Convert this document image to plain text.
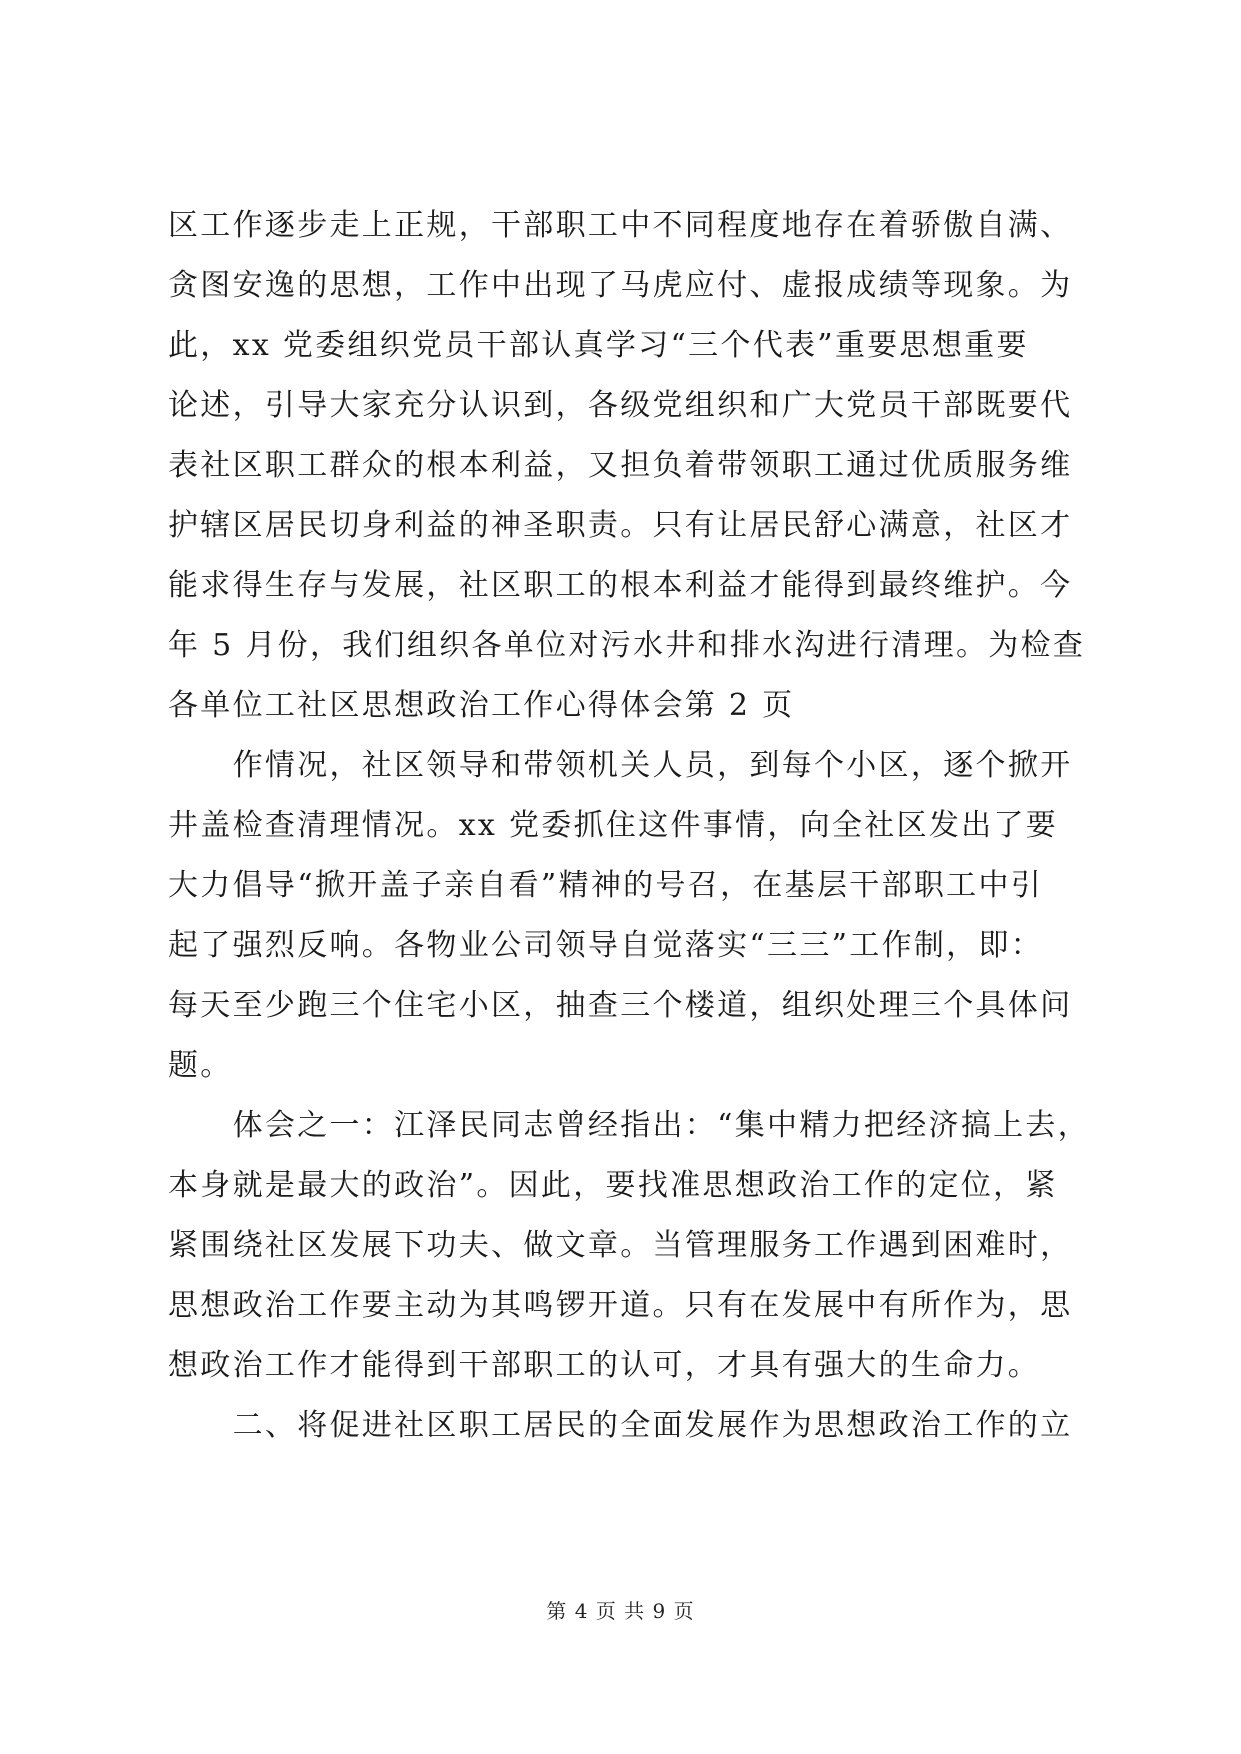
区工作逐步走上正规，干部职工中不同程度地存在着骄傲自满、
贪图安逸的思想，工作中出现了马虎应付、虚报成绩等现象。为
此，xx 党委组织党员干部认真学习“三个代表”重要思想重要
论述，引导大家充分认识到，各级党组织和广大党员干部既要代
表社区职工群众的根本利益，又担负着带领职工通过优质服务维
护辖区居民切身利益的神圣职责。只有让居民舒心满意，社区才
能求得生存与发展，社区职工的根本利益才能得到最终维护。今
年 5 月份，我们组织各单位对污水井和排水沟进行清理。为检查
各单位工社区思想政治工作心得体会第 2 页
　　作情况，社区领导和带领机关人员，到每个小区，逐个掀开
井盖检查清理情况。xx 党委抓住这件事情，向全社区发出了要
大力倡导“掀开盖子亲自看”精神的号召，在基层干部职工中引
起了强烈反响。各物业公司领导自觉落实“三三”工作制，即：
每天至少跑三个住宅小区，抽查三个楼道，组织处理三个具体问
题。
　　体会之一：江泽民同志曾经指出：“集中精力把经济搞上去，
本身就是最大的政治”。因此，要找准思想政治工作的定位，紧
紧围绕社区发展下功夫、做文章。当管理服务工作遇到困难时，
思想政治工作要主动为其鸣锣开道。只有在发展中有所作为，思
想政治工作才能得到干部职工的认可，才具有强大的生命力。
　　二、将促进社区职工居民的全面发展作为思想政治工作的立
第 4 页 共 9 页
